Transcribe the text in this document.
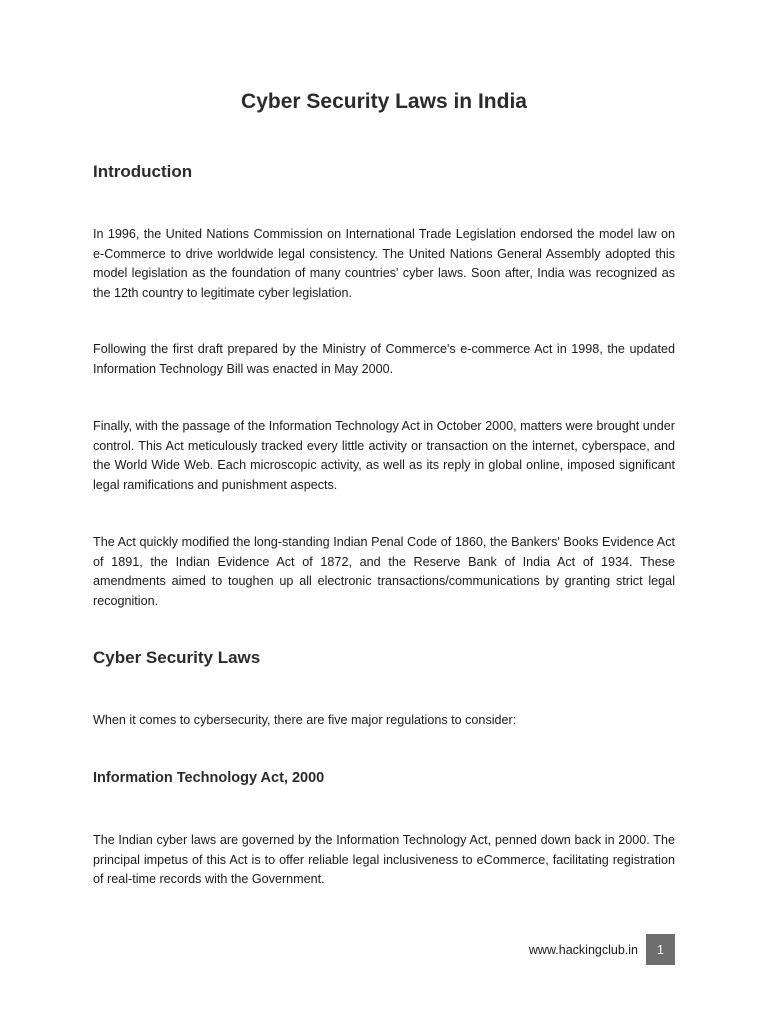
Cyber Security Laws in India
Introduction

In 1996, the United Nations Commission on International Trade Legislation endorsed the model law on e-Commerce to drive worldwide legal consistency. The United Nations General Assembly adopted this model legislation as the foundation of many countries' cyber laws. Soon after, India was recognized as the 12th country to legitimate cyber legislation.

Following the first draft prepared by the Ministry of Commerce's e-commerce Act in 1998, the updated Information Technology Bill was enacted in May 2000.

Finally, with the passage of the Information Technology Act in October 2000, matters were brought under control. This Act meticulously tracked every little activity or transaction on the internet, cyberspace, and the World Wide Web. Each microscopic activity, as well as its reply in global online, imposed significant legal ramifications and punishment aspects.

The Act quickly modified the long-standing Indian Penal Code of 1860, the Bankers' Books Evidence Act of 1891, the Indian Evidence Act of 1872, and the Reserve Bank of India Act of 1934. These amendments aimed to toughen up all electronic transactions/communications by granting strict legal recognition.

Cyber Security Laws

When it comes to cybersecurity, there are five major regulations to consider:

Information Technology Act, 2000

The Indian cyber laws are governed by the Information Technology Act, penned down back in 2000. The principal impetus of this Act is to offer reliable legal inclusiveness to eCommerce, facilitating registration of real-time records with the Government.

www.hackingclub.in	1
